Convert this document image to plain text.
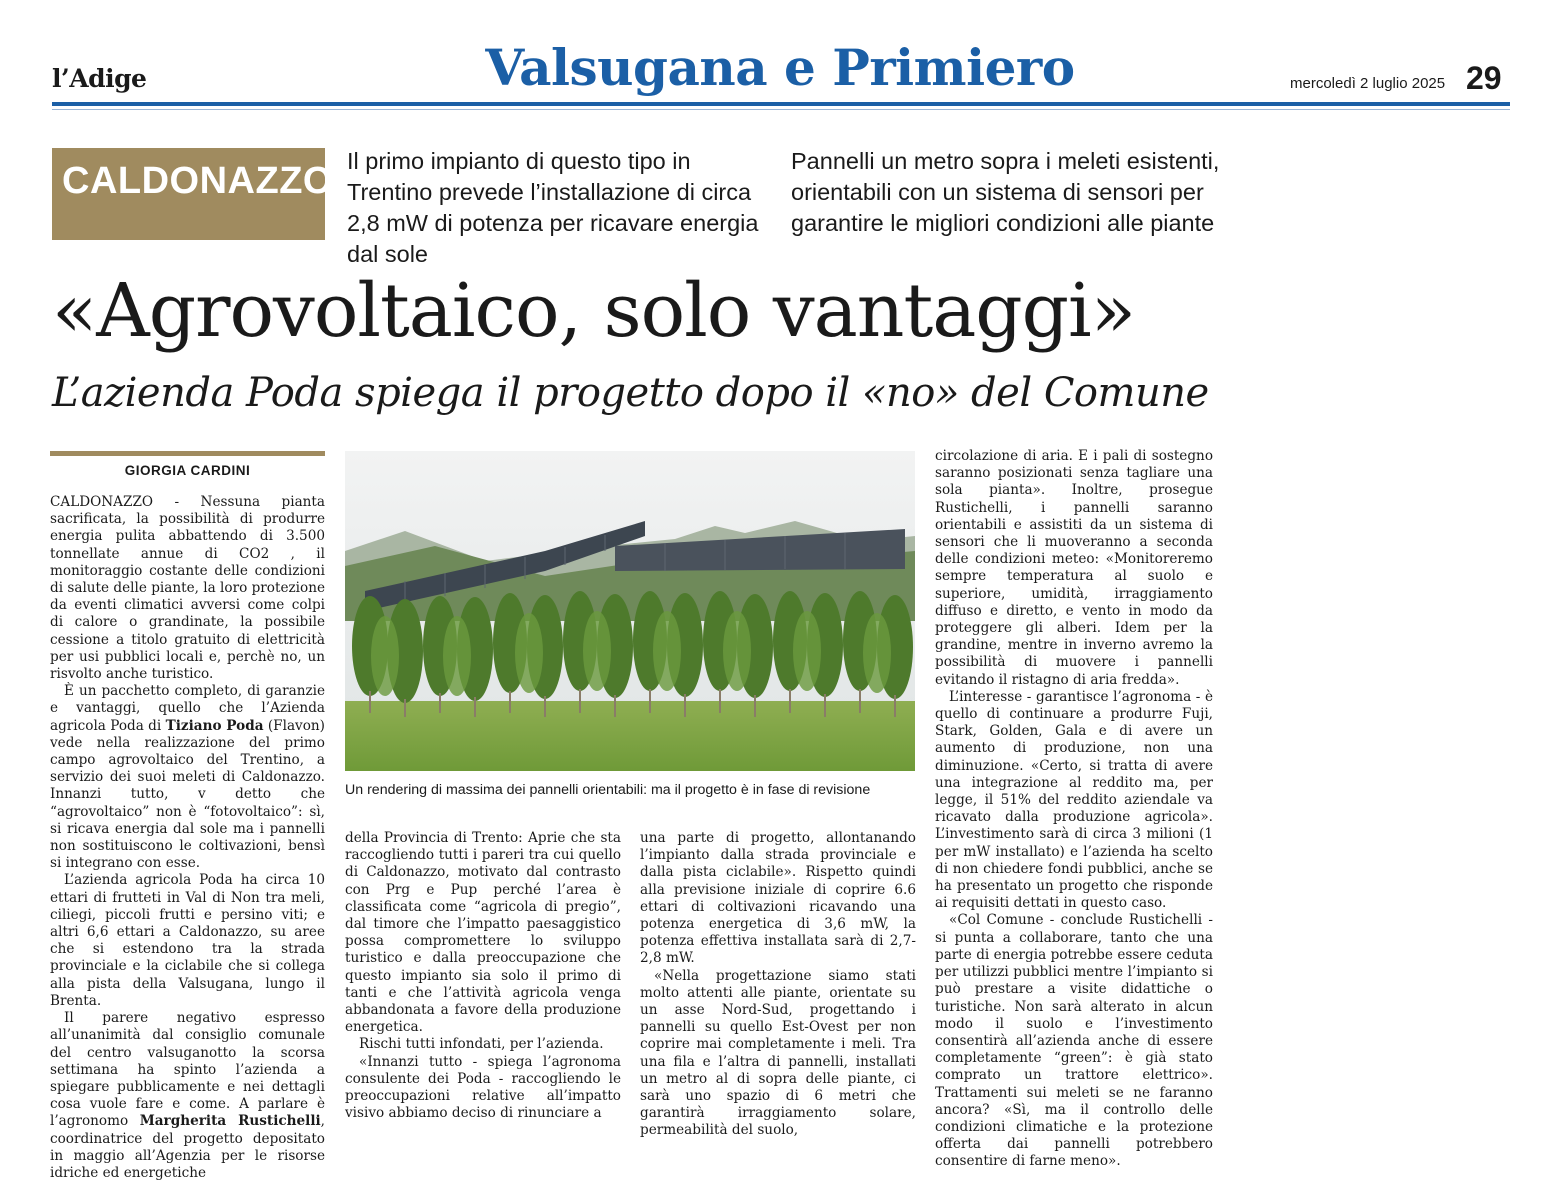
l’Adige	Valsugana e Primiero	mercoledì 2 luglio 2025 29
CALDONAZZO Il primo impianto di questo tipo in Trentino prevede l’installazione di circa 2,8 mW di potenza per ricavare energia dal sole
Pannelli un metro sopra i meleti esistenti, orientabili con un sistema di sensori per garantire le migliori condizioni alle piante
«Agrovoltaico, solo vantaggi»
L’azienda Poda spiega il progetto dopo il «no» del Comune
GIORGIA CARDINI

CALDONAZZO - Nessuna pianta sacrificata, la possibilità di produrre energia pulita abbattendo di 3.500 tonnellate annue di CO2 , il monitoraggio costante delle condizioni di salute delle piante, la loro protezione da eventi climatici avversi come colpi di calore o grandinate, la possibile cessione a titolo gratuito di elettricità per usi pubblici locali e, perchè no, un risvolto anche turistico.

È un pacchetto completo, di garanzie e vantaggi, quello che l’Azienda agricola Poda di Tiziano Poda (Flavon) vede nella realizzazione del primo campo agrovoltaico del Trentino, a servizio dei suoi meleti di Caldonazzo. Innanzi tutto, v detto che “agrovoltaico” non è “fotovoltaico”: sì, si ricava energia dal sole ma i pannelli non sostituiscono le coltivazioni, bensì si integrano con esse.

L’azienda agricola Poda ha circa 10 ettari di frutteti in Val di Non tra meli, ciliegi, piccoli frutti e persino viti; e altri 6,6 ettari a Caldonazzo, su aree che si estendono tra la strada provinciale e la ciclabile che si collega alla pista della Valsugana, lungo il Brenta.

Il parere negativo espresso all’unanimità dal consiglio comunale del centro valsuganotto la scorsa settimana ha spinto l’azienda a spiegare pubblicamente e nei dettagli cosa vuole fare e come. A parlare è l’agronomo Margherita Rustichelli, coordinatrice del progetto depositato in maggio all’Agenzia per le risorse idriche ed energetiche

Un rendering di massima dei pannelli orientabili: ma il progetto è in fase di revisione

della Provincia di Trento: Aprie che sta raccogliendo tutti i pareri tra cui quello di Caldonazzo, motivato dal contrasto con Prg e Pup perché l’area è classificata come “agricola di pregio”, dal timore che l’impatto paesaggistico possa compromettere lo sviluppo turistico e dalla preoccupazione che questo impianto sia solo il primo di tanti e che l’attività agricola venga abbandonata a favore della produzione energetica.

Rischi tutti infondati, per l’azienda.

«Innanzi tutto - spiega l’agronoma consulente dei Poda - raccogliendo le preoccupazioni relative all’impatto visivo abbiamo deciso di rinunciare a

una parte di progetto, allontanando l’impianto dalla strada provinciale e dalla pista ciclabile». Rispetto quindi alla previsione iniziale di coprire 6.6 ettari di coltivazioni ricavando una potenza energetica di 3,6 mW, la potenza effettiva installata sarà di 2,7-2,8 mW.

«Nella progettazione siamo stati molto attenti alle piante, orientate su un asse Nord-Sud, progettando i pannelli su quello Est-Ovest per non coprire mai completamente i meli. Tra una fila e l’altra di pannelli, installati un metro al di sopra delle piante, ci sarà uno spazio di 6 metri che garantirà irraggiamento solare, permeabilità del suolo,

circolazione di aria. E i pali di sostegno saranno posizionati senza tagliare una sola pianta». Inoltre, prosegue Rustichelli, i pannelli saranno orientabili e assistiti da un sistema di sensori che li muoveranno a seconda delle condizioni meteo: «Monitoreremo sempre temperatura al suolo e superiore, umidità, irraggiamento diffuso e diretto, e vento in modo da proteggere gli alberi. Idem per la grandine, mentre in inverno avremo la possibilità di muovere i pannelli evitando il ristagno di aria fredda».

L’interesse - garantisce l’agronoma - è quello di continuare a produrre Fuji, Stark, Golden, Gala e di avere un aumento di produzione, non una diminuzione. «Certo, si tratta di avere una integrazione al reddito ma, per legge, il 51% del reddito aziendale va ricavato dalla produzione agricola». L’investimento sarà di circa 3 milioni (1 per mW installato) e l’azienda ha scelto di non chiedere fondi pubblici, anche se ha presentato un progetto che risponde ai requisiti dettati in questo caso.

«Col Comune - conclude Rustichelli - si punta a collaborare, tanto che una parte di energia potrebbe essere ceduta per utilizzi pubblici mentre l’impianto si può prestare a visite didattiche o turistiche. Non sarà alterato in alcun modo il suolo e l’investimento consentirà all’azienda anche di essere completamente “green”: è già stato comprato un trattore elettrico». Trattamenti sui meleti se ne faranno ancora? «Sì, ma il controllo delle condizioni climatiche e la protezione offerta dai pannelli potrebbero consentire di farne meno».
